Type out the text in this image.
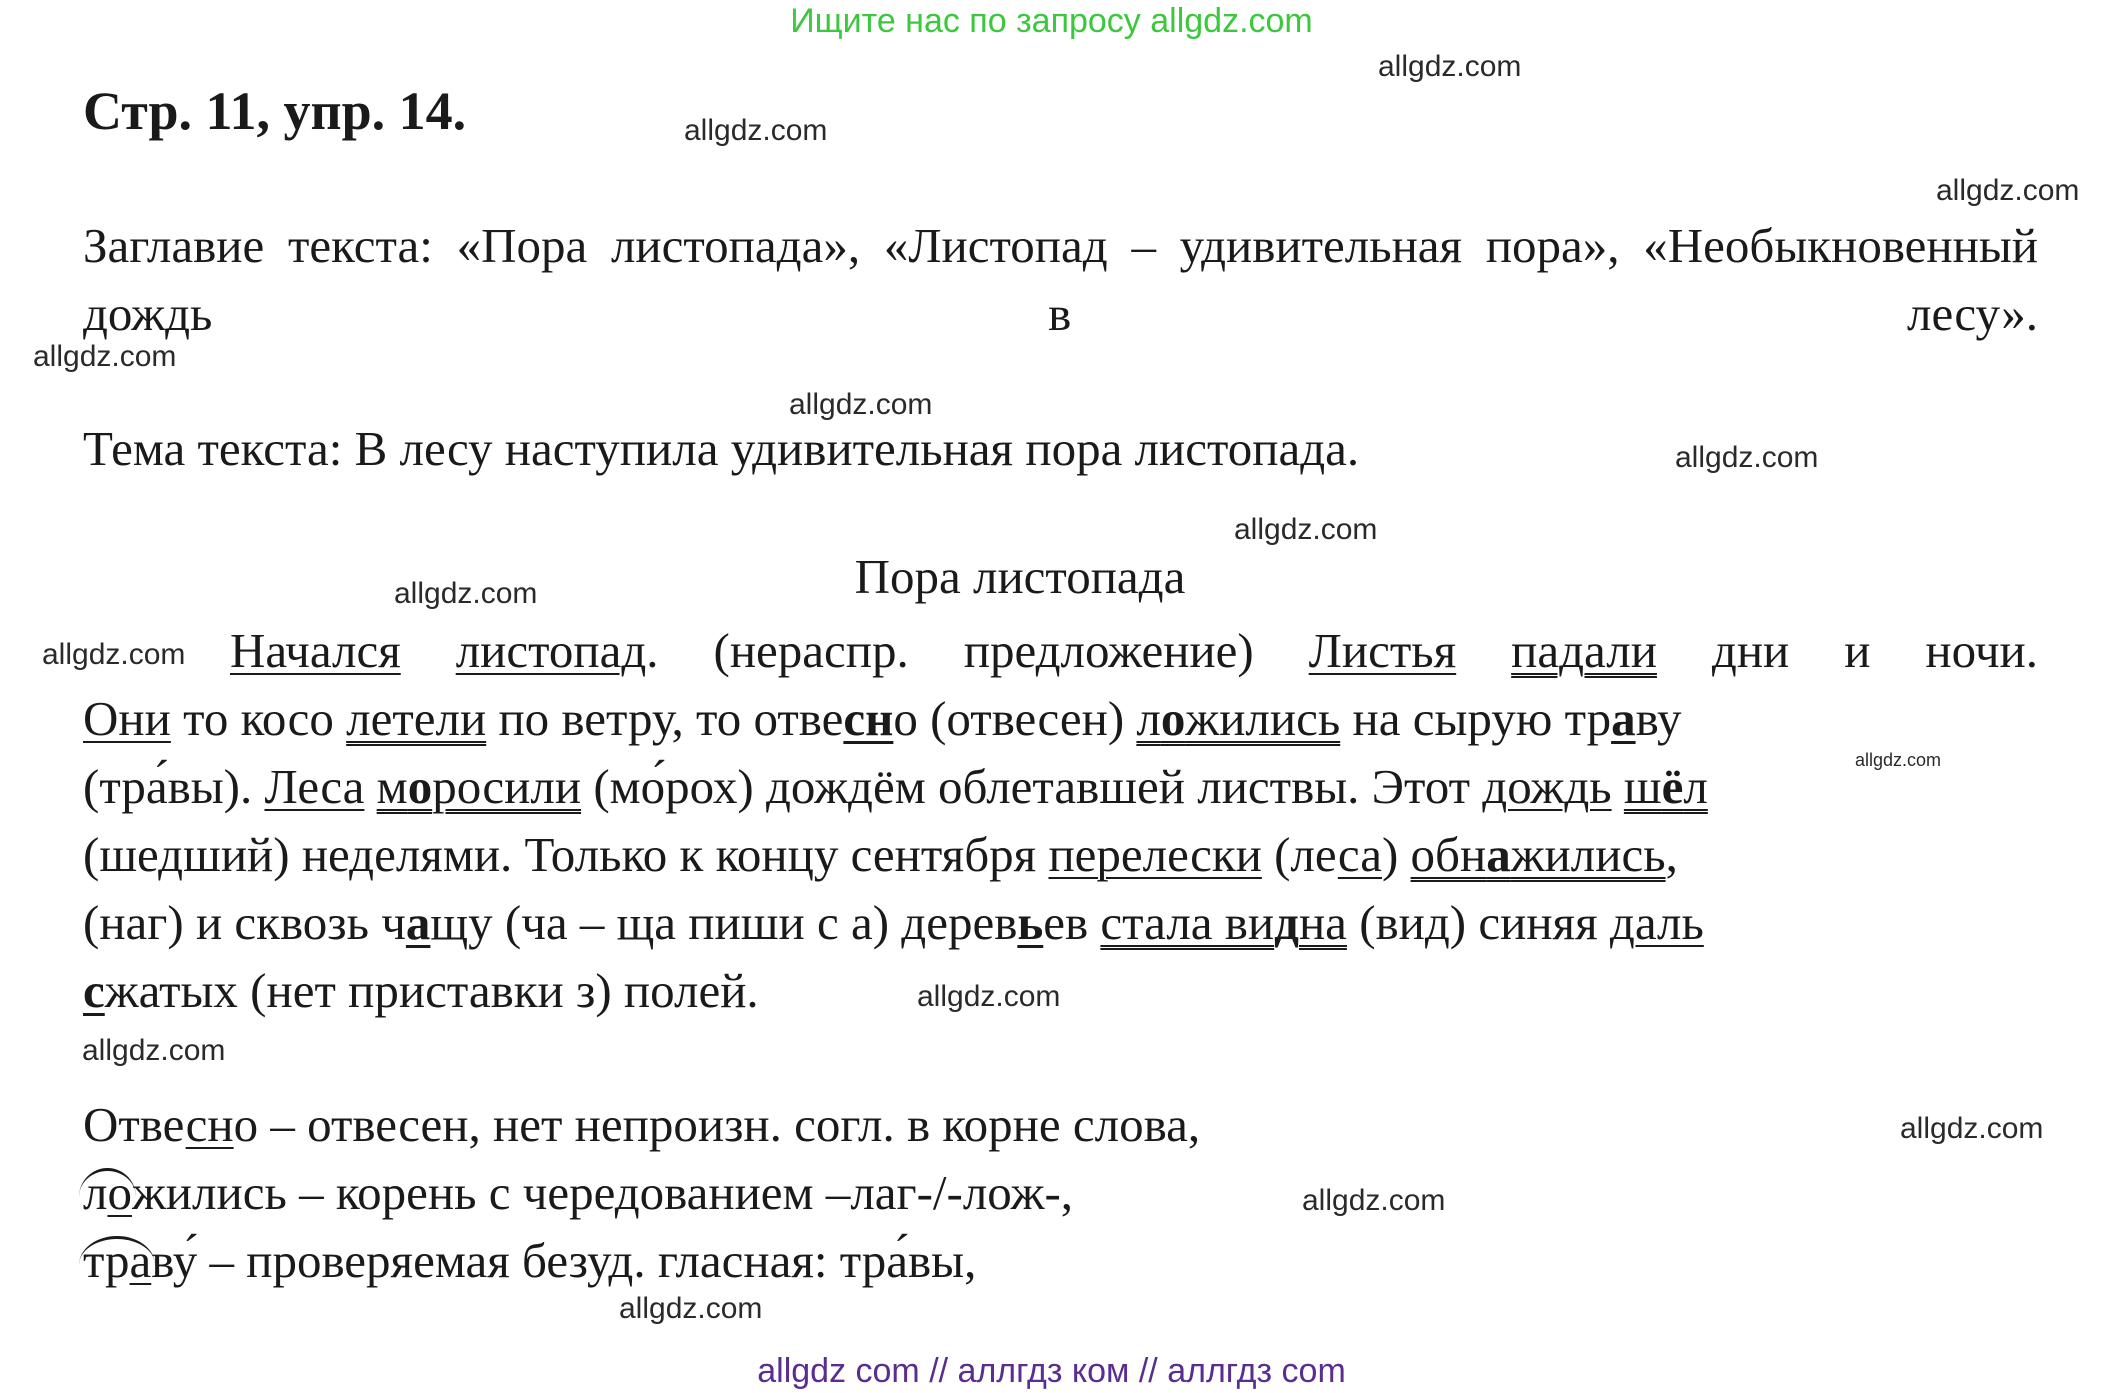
Ищите нас по запросу allgdz.com
Стр. 11, упр. 14.
allgdz.com
allgdz.com
allgdz.com
allgdz.com
allgdz.com
allgdz.com
allgdz.com
allgdz.com
allgdz.com
allgdz.com
allgdz.com
allgdz.com
allgdz.com
allgdz.com
allgdz.com
Заглавие текста: «Пора листопада», «Листопад – удивительная пора», «Необыкновенный дождь в лесу».
Тема текста: В лесу наступила удивительная пора листопада.
Пора листопада
Начался листопад. (нераспр. предложение) Листья падали дни и ночи.
Они то косо летели по ветру, то отвесно (отвесен) ложились на сырую траву
(тра́вы). Леса моросили (мо́рох) дождём облетавшей листвы. Этот дождь шёл
(шедший) неделями. Только к концу сентября перелески (леса) обнажились,
(наг) и сквозь чащу (ча – ща пиши с а) деревьев стала видна (вид) синяя даль
сжатых (нет приставки з) полей.
Отвесно – отвесен, нет непроизн. согл. в корне слова,
ложились – корень с чередованием –лаг-/-лож-,
траву́ – проверяемая безуд. гласная: тра́вы,
allgdz com // аллгдз ком // аллгдз com
